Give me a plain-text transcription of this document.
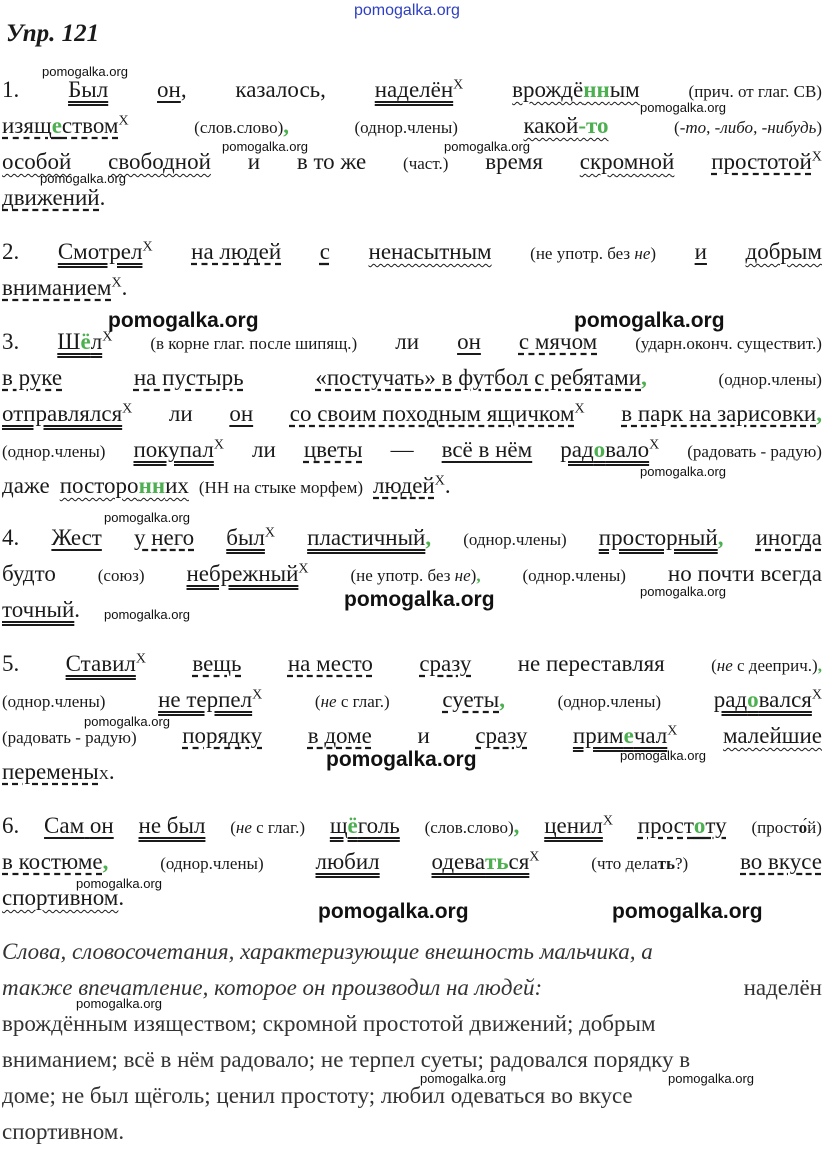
pomogalka.org
pomogalka.org
pomogalka.org
pomogalka.org	pomogalka.org
pomogalka.org
pomogalka.org	pomogalka.org
pomogalka.org
pomogalka.org
pomogalka.org
pomogalka.org
pomogalka.org
pomogalka.org
pomogalka.org
pomogalka.org
pomogalka.org
pomogalka.org	pomogalka.org
pomogalka.org
pomogalka.org	pomogalka.org
Упр. 121
1. Был он, казалось, наделён$^X$ врождённым	(прич. от глаг. СВ)
изяществом$^X$	(слов.слово),	(однор.члены)	какой-то	(-то, -либо, -нибудь)
особой свободной и в то же (част.) время скромной простотой$^X$
движений .
2. Смотрел$^X$ на людей с ненасытным (не употр. без не) и добрым
вниманием$^X$.
3. Шёл$^X$ (в корне глаг. после шипящ.) ли он с мячом (ударн.оконч. существит.)
в руке	на пустырь	«постучать» в футбол с ребятами,	(однор.члены)
отправлялся$^X$ ли он со своим походным ящичком$^X$ в парк на зарисовки,
(однор.члены) покупал$^X$ ли цветы — всё в нём радовало$^X$ (радовать - радую)
даже посторонних (НН на стыке морфем) людей$^X$.
4. Жест у него был$^X$ пластичный, (однор.члены) просторный, иногда
будто (союз) небрежный$^X$ (не употр. без не), (однор.члены) но почти всегда
точный .
5. Ставил$^X$ вещь на место сразу не переставляя	(не с дееприч.),
(однор.члены) не терпел$^X$	(не с глаг.) суеты,	(однор.члены) радовался$^X$
(радовать - радую) порядку в доме и сразу примечал$^X$ малейшие
перемены X .
6. Сам он не был (не с глаг.) щёголь (слов.слово), ценил$^X$ простоту (просто́й)
в костюме,	(однор.члены) любил одеваться$^X$	(что делать?) во вкусе
спортивном .
Слова, словосочетания, характеризующие внешность мальчика, а
также впечатление, которое он производил на людей:	наделён
врождённым изяществом; скромной простотой движений; добрым
вниманием; всё в нём радовало; не терпел суеты; радовался порядку в
доме; не был щёголь; ценил простоту; любил одеваться во вкусе
спортивном.
